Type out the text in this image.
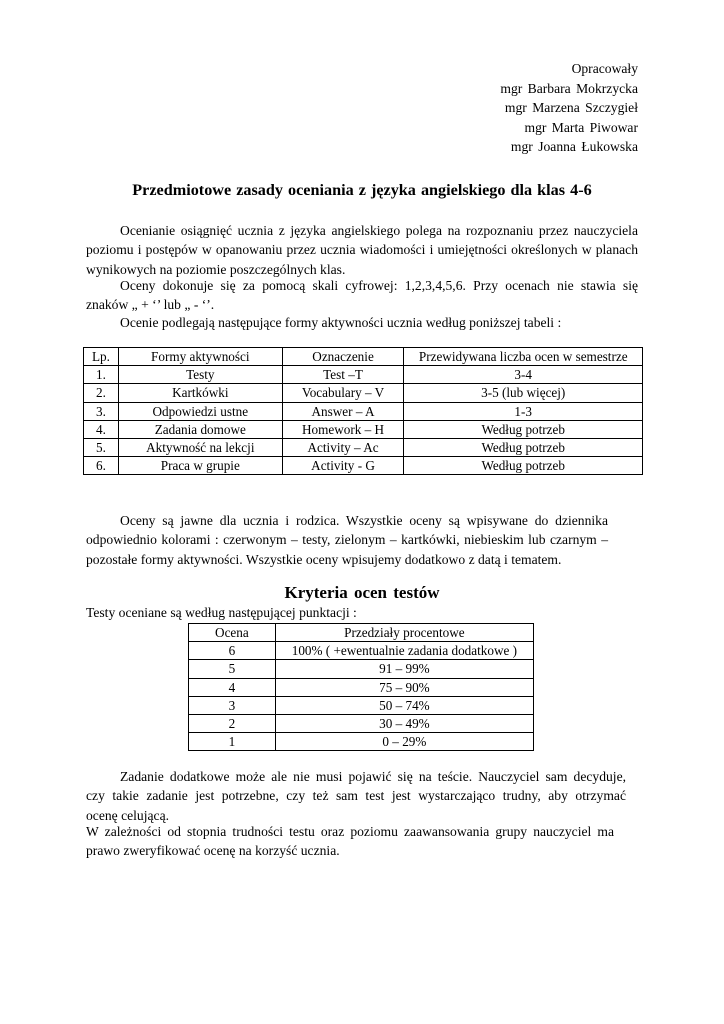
Opracowały
mgr Barbara Mokrzycka
mgr Marzena Szczygieł
mgr Marta Piwowar
mgr Joanna Łukowska
Przedmiotowe zasady oceniania z języka angielskiego dla klas 4-6
Ocenianie osiągnięć ucznia z języka angielskiego polega na rozpoznaniu przez nauczyciela
poziomu i postępów w opanowaniu przez ucznia wiadomości i umiejętności określonych w planach
wynikowych na poziomie poszczególnych klas.
Oceny dokonuje się za pomocą skali cyfrowej: 1,2,3,4,5,6. Przy ocenach nie stawia się
znaków „ + ‘’ lub „ - ‘’.
Ocenie podlegają następujące formy aktywności ucznia według poniższej tabeli :
Lp.	Formy aktywności	Oznaczenie	Przewidywana liczba ocen w semestrze
1.	Testy	Test –T	3-4
2.	Kartkówki	Vocabulary – V	3-5 (lub więcej)
3.	Odpowiedzi ustne	Answer – A	1-3
4.	Zadania domowe	Homework – H	Według potrzeb
5.	Aktywność na lekcji	Activity – Ac	Według potrzeb
6.	Praca w grupie	Activity - G	Według potrzeb
Oceny są jawne dla ucznia i rodzica. Wszystkie oceny są wpisywane do dziennika
odpowiednio kolorami : czerwonym – testy, zielonym – kartkówki, niebieskim lub czarnym –
pozostałe formy aktywności. Wszystkie oceny wpisujemy dodatkowo z datą i tematem.
Kryteria ocen testów
Testy oceniane są według następującej punktacji :
Ocena	Przedziały procentowe
6	100% ( +ewentualnie zadania dodatkowe )
5	91 – 99%
4	75 – 90%
3	50 – 74%
2	30 – 49%
1	0 – 29%
Zadanie dodatkowe może ale nie musi pojawić się na teście. Nauczyciel sam decyduje,
czy takie zadanie jest potrzebne, czy też sam test jest wystarczająco trudny, aby otrzymać
ocenę celującą.
W zależności od stopnia trudności testu oraz poziomu zaawansowania grupy nauczyciel ma
prawo zweryfikować ocenę na korzyść ucznia.
